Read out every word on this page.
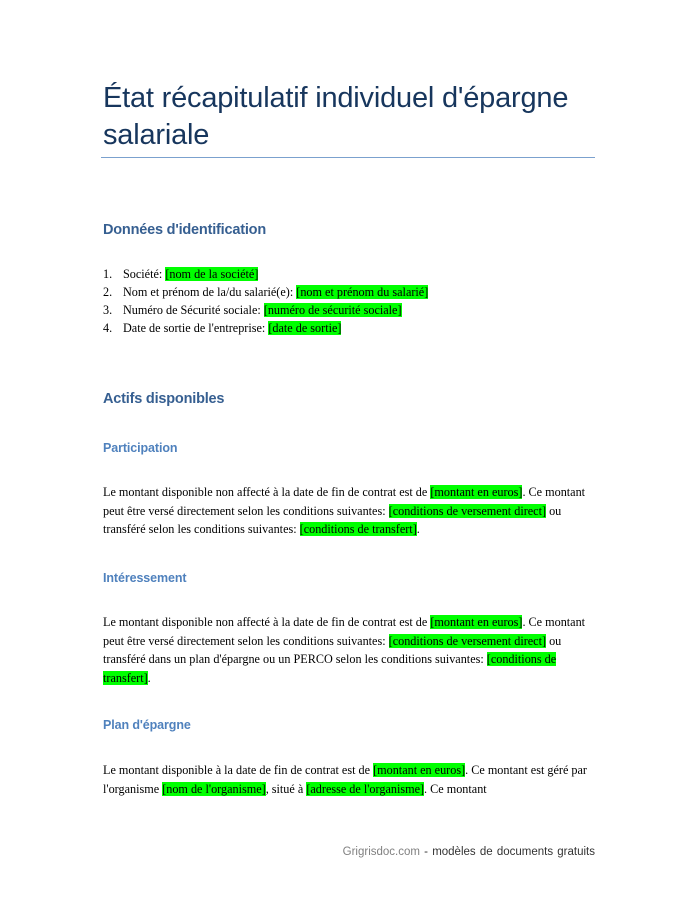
État récapitulatif individuel d'épargne salariale
Données d'identification
1. Société: [nom de la société]
2. Nom et prénom de la/du salarié(e): [nom et prénom du salarié]
3. Numéro de Sécurité sociale: [numéro de sécurité sociale]
4. Date de sortie de l'entreprise: [date de sortie]
Actifs disponibles
Participation

Le montant disponible non affecté à la date de fin de contrat est de [montant en euros]. Ce montant peut être versé directement selon les conditions suivantes: [conditions de versement direct] ou transféré selon les conditions suivantes: [conditions de transfert].

Intéressement

Le montant disponible non affecté à la date de fin de contrat est de [montant en euros]. Ce montant peut être versé directement selon les conditions suivantes: [conditions de versement direct] ou transféré dans un plan d'épargne ou un PERCO selon les conditions suivantes: [conditions de transfert].

Plan d'épargne

Le montant disponible à la date de fin de contrat est de [montant en euros]. Ce montant est géré par l'organisme [nom de l'organisme], situé à [adresse de l'organisme]. Ce montant

Grigrisdoc.com - modèles de documents gratuits
